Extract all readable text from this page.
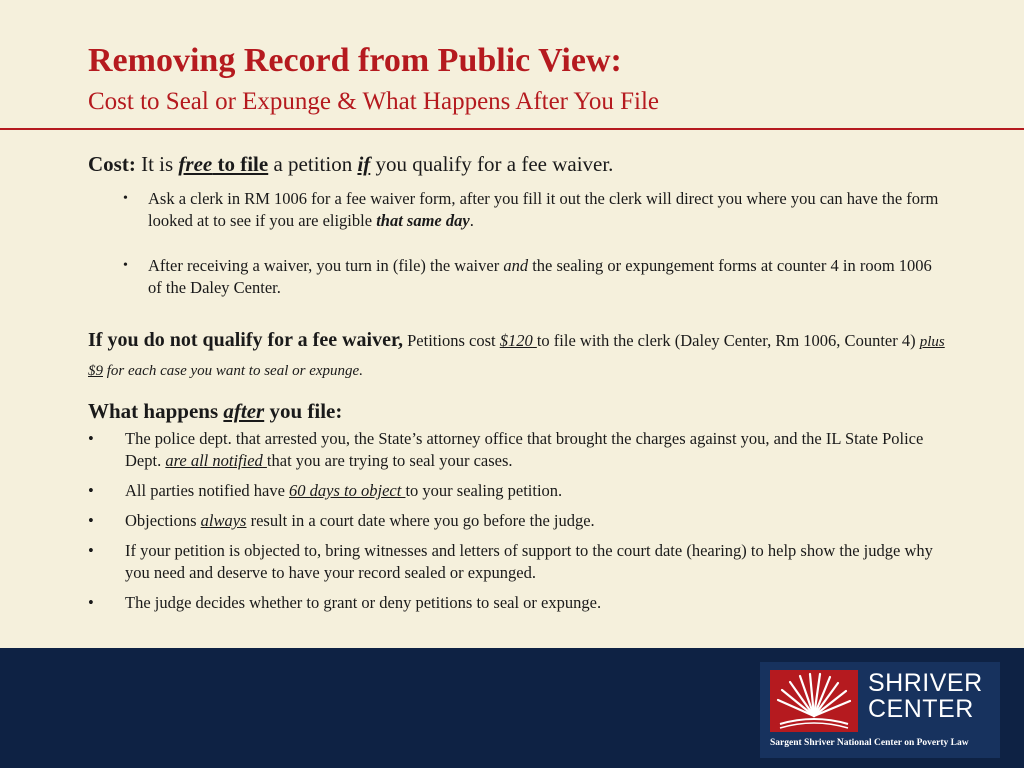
Removing Record from Public View:
Cost to Seal or Expunge & What Happens After You File

Cost: It is free to file a petition if you qualify for a fee waiver.

• Ask a clerk in RM 1006 for a fee waiver form, after you fill it out the clerk will direct you where you can have the form looked at to see if you are eligible that same day.
• After receiving a waiver, you turn in (file) the waiver and the sealing or expungement forms at counter 4 in room 1006 of the Daley Center.

If you do not qualify for a fee waiver, Petitions cost $120 to file with the clerk (Daley Center, Rm 1006, Counter 4) plus $9 for each case you want to seal or expunge.

What happens after you file:

• The police dept. that arrested you, the State’s attorney office that brought the charges against you, and the IL State Police Dept. are all notified that you are trying to seal your cases.
• All parties notified have 60 days to object to your sealing petition.
• Objections always result in a court date where you go before the judge.
• If your petition is objected to, bring witnesses and letters of support to the court date (hearing) to help show the judge why you need and deserve to have your record sealed or expunged.
• The judge decides whether to grant or deny petitions to seal or expunge.
SHRIVER
CENTER
Sargent Shriver National Center on Poverty Law
